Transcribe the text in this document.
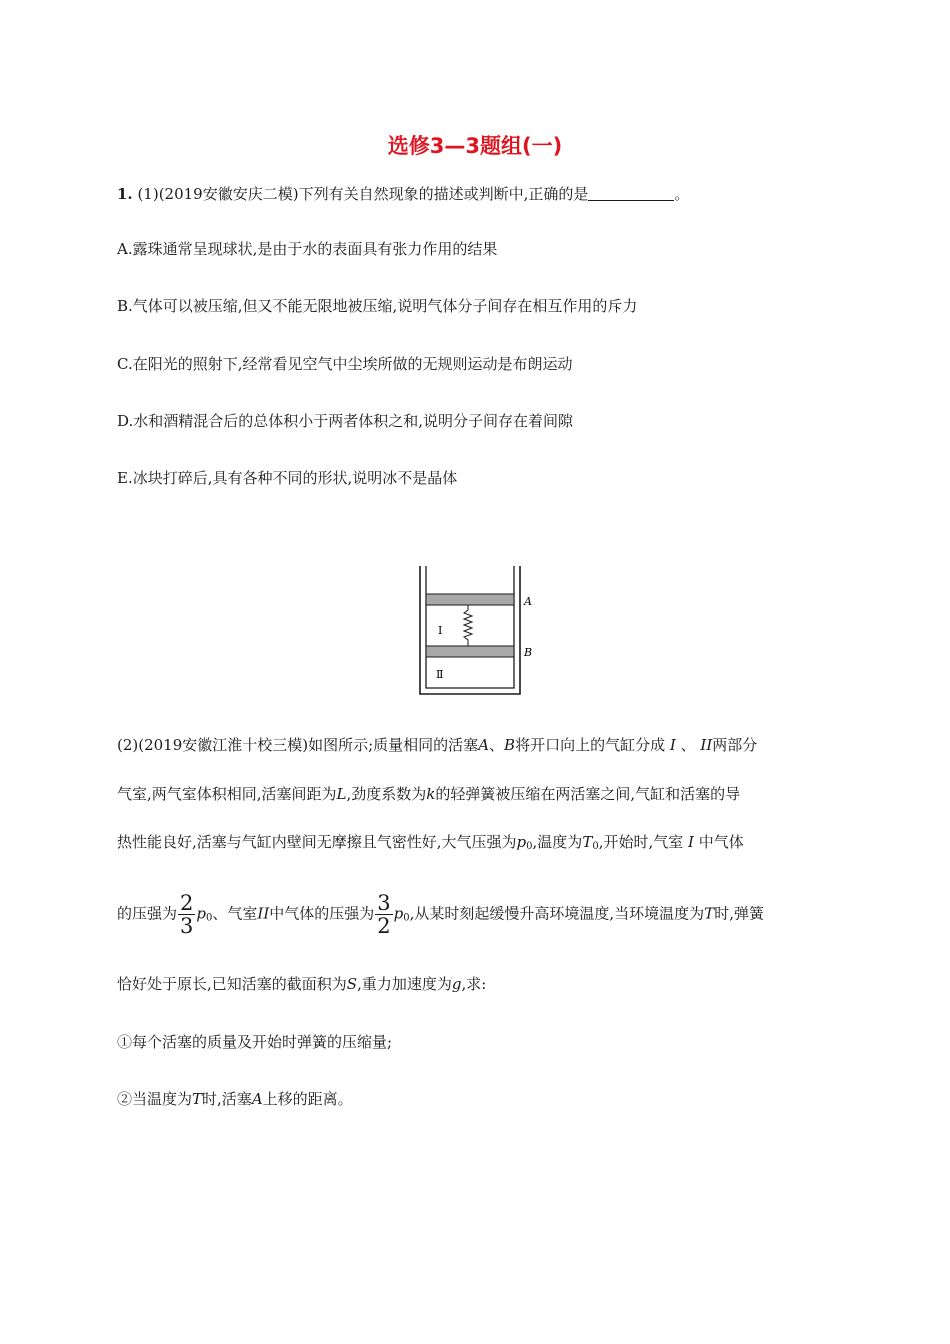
选修3—3题组(一)
1. (1)(2019安徽安庆二模)下列有关自然现象的描述或判断中,正确的是	。
A.露珠通常呈现球状,是由于水的表面具有张力作用的结果
B.气体可以被压缩,但又不能无限地被压缩,说明气体分子间存在相互作用的斥力
C.在阳光的照射下,经常看见空气中尘埃所做的无规则运动是布朗运动
D.水和酒精混合后的总体积小于两者体积之和,说明分子间存在着间隙
E.冰块打碎后,具有各种不同的形状,说明冰不是晶体
A
B
Ⅰ
Ⅱ
(2)(2019安徽江淮十校三模)如图所示;质量相同的活塞A、B将开口向上的气缸分成 I 、 II两部分
气室,两气室体积相同,活塞间距为L,劲度系数为k的轻弹簧被压缩在两活塞之间,气缸和活塞的导
热性能良好,活塞与气缸内壁间无摩擦且气密性好,大气压强为$p_0$,温度为$T_0$,开始时,气室 I 中气体
的压强为 $\frac{2}{3} p_0$、气室II中气体的压强为 $\frac{3}{2} p_0$,从某时刻起缓慢升高环境温度,当环境温度为T时,弹簧
恰好处于原长,已知活塞的截面积为S,重力加速度为g,求:
①每个活塞的质量及开始时弹簧的压缩量;
②当温度为T时,活塞A上移的距离。
